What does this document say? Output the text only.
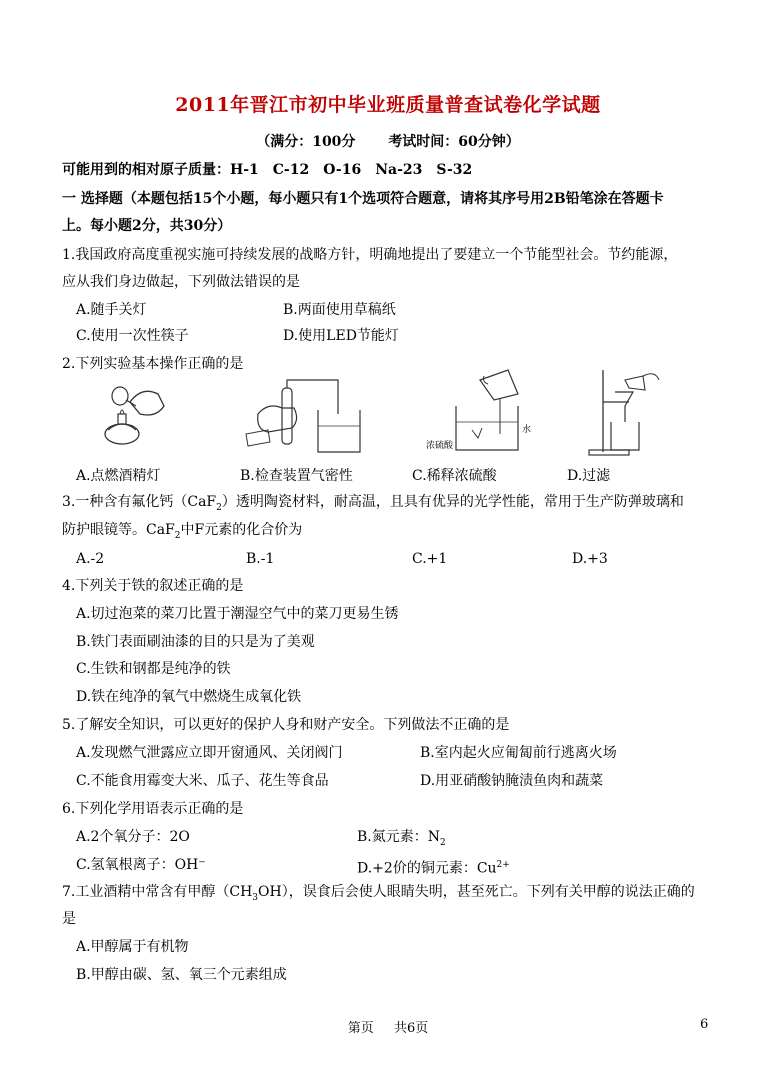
2011年晋江市初中毕业班质量普查试卷化学试题
（满分：100分 考试时间：60分钟）
可能用到的相对原子质量：H-1　C-12　O-16　Na-23　S-32
一 选择题（本题包括15个小题，每小题只有1个选项符合题意，请将其序号用2B铅笔涂在答题卡
上。每小题2分，共30分）
1.我国政府高度重视实施可持续发展的战略方针，明确地提出了要建立一个节能型社会。节约能源，
应从我们身边做起，下列做法错误的是
A.随手关灯	B.两面使用草稿纸
C.使用一次性筷子	D.使用LED节能灯
2.下列实验基本操作正确的是
浓硫酸
水
A.点燃酒精灯	B.检查装置气密性	C.稀释浓硫酸	D.过滤
3.一种含有氟化钙（CaF$_2$）透明陶瓷材料，耐高温，且具有优异的光学性能，常用于生产防弹玻璃和
防护眼镜等。CaF$_2$中F元素的化合价为
A.-2	B.-1	C.+1	D.+3
4.下列关于铁的叙述正确的是
A.切过泡菜的菜刀比置于潮湿空气中的菜刀更易生锈
B.铁门表面刷油漆的目的只是为了美观
C.生铁和钢都是纯净的铁
D.铁在纯净的氧气中燃烧生成氧化铁
5.了解安全知识，可以更好的保护人身和财产安全。下列做法不正确的是
A.发现燃气泄露应立即开窗通风、关闭阀门	B.室内起火应匍匐前行逃离火场
C.不能食用霉变大米、瓜子、花生等食品	D.用亚硝酸钠腌渍鱼肉和蔬菜
6.下列化学用语表示正确的是
A.2个氧分子：2O	B.氮元素：$N_2$
C.氢氧根离子：OH⁻	D.+2价的铜元素：$Cu^{2+}$
7.工业酒精中常含有甲醇$(CH_3OH)$，误食后会使人眼睛失明，甚至死亡。下列有关甲醇的说法正确的
是
A.甲醇属于有机物
B.甲醇由碳、氢、氧三个元素组成
第页 共6页	6
